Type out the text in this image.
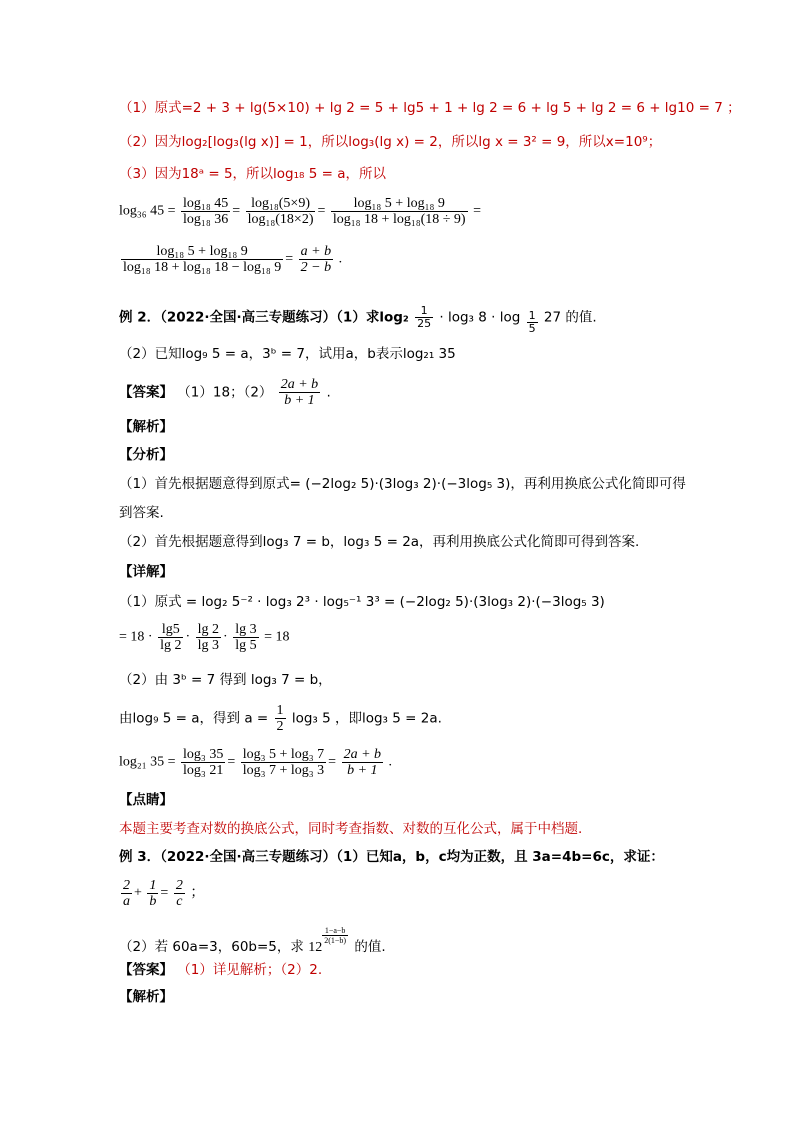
（1）原式=2 + 3 + lg(5×10) + lg 2 = 5 + lg5 + 1 + lg 2 = 6 + lg 5 + lg 2 = 6 + lg10 = 7 ；
（2）因为log₂[log₃(lg x)] = 1，所以log₃(lg x) = 2，所以lg x = 3² = 9，所以x=10⁹；
（3）因为18ᵃ = 5，所以log₁₈ 5 = a，所以
log₃₆ $45 = \frac{\text{log₁₈ 45}}{\text{log₁₈ 36}} = \frac{\text{log₁₈(5×9)}}{\text{log₁₈(18×2)}} = \frac{\text{log₁₈ 5 + log₁₈ 9}}{\text{log₁₈ 18 + log₁₈(18 ÷ 9)}}$ =
$\frac{\text{log₁₈ 5 + log₁₈ 9}}{\text{log₁₈ 18 + log₁₈ 18 − log₁₈ 9}} = \frac{a + b}{2 - b}$ .
例 2．（2022·全国·高三专题练习）（1）求$\log_2 \frac{1}{25} \cdot \log_3$ $8 \cdot \log \frac{1}{5} 27$ 的值.
（2）已知log₉ 5 = a，3ᵇ = 7，试用a，b表示log₂₁ 35
【答案】 （1）18；$(2) \frac{2a + b}{b + 1}$ .
【解析】
【分析】
（1）首先根据题意得到原式= (−2log₂ 5)·(3log₃ 2)·(−3log₅ 3)，再利用换底公式化简即可得
到答案.
（2）首先根据题意得到log₃ 7 = b，log₃ 5 = 2a，再利用换底公式化简即可得到答案.
【详解】
（1）原式 = log₂ 5⁻² · log₃ 2³ · log₅⁻¹ 3³ = (−2log₂ 5)·(3log₃ 2)·(−3log₅ 3)
= $18 \cdot \frac{\lg 5}{\lg 2} \cdot \frac{\lg 2}{\lg 3} \cdot \frac{\lg 3}{\lg 5} = 18$
（2）由 3ᵇ = 7 得到 log₃ 7 = b，
由log₉ 5 = a，得到 $a = \frac{1}{2} \log_3$ 5 ，即log₃ 5 = 2a.
log₂₁ $35 = \frac{\text{log₃ 35}}{\text{log₃ 21}} = \frac{\text{log₃ 5 + log₃ 7}}{\text{log₃ 7 + log₃ 3}} = \frac{2a + b}{b + 1}$ .
【点睛】
本题主要考查对数的换底公式，同时考查指数、对数的互化公式，属于中档题.
例 3．（2022·全国·高三专题练习）（1）已知a，b，c均为正数，且 3a=4b=6c，求证：
$\frac{2}{a} + \frac{1}{b} = \frac{2}{c}$ ；
（2）若 60a=3，60b=5，求 12
$\frac{1-a-b}{2(1-b)}$
的值.
【答案】 （1）详见解析；（2）2.
【解析】
